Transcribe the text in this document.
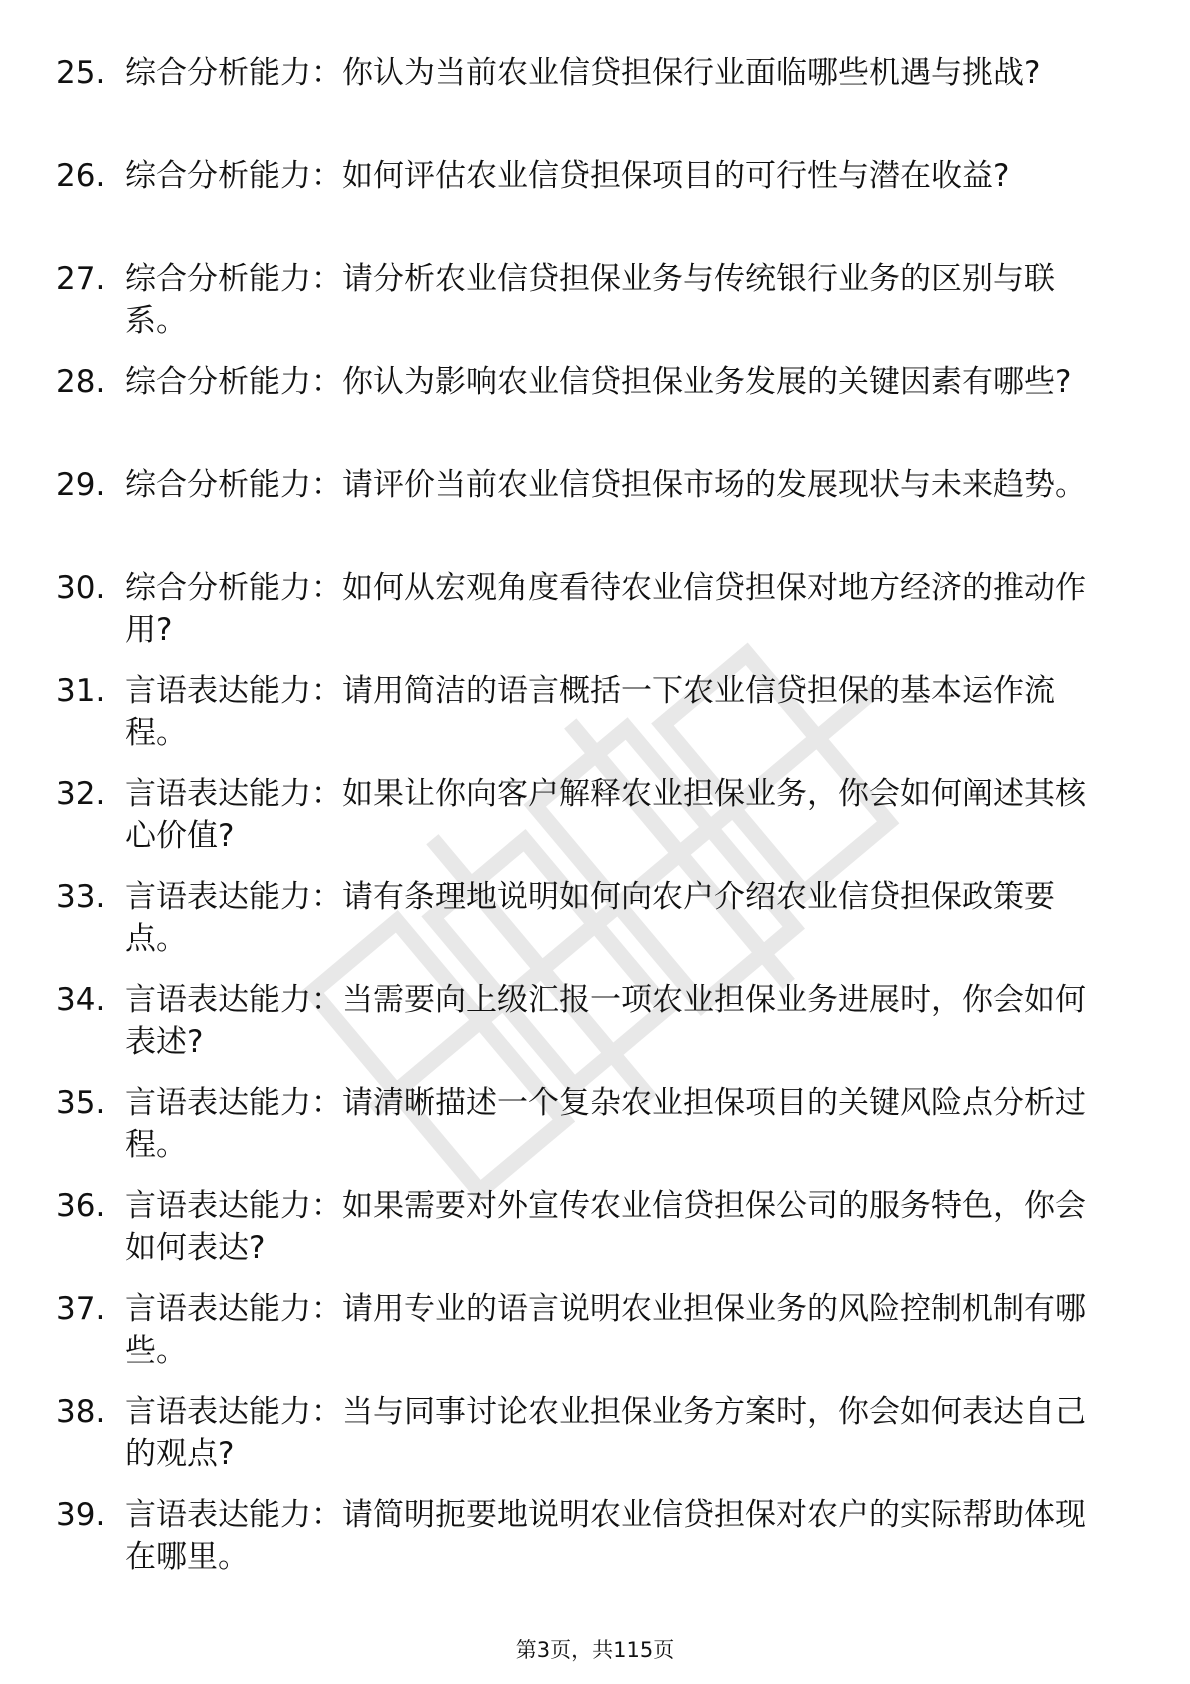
25. 综合分析能力：你认为当前农业信贷担保行业面临哪些机遇与挑战?
26. 综合分析能力：如何评估农业信贷担保项目的可行性与潜在收益?
27. 综合分析能力：请分析农业信贷担保业务与传统银行业务的区别与联系。
28. 综合分析能力：你认为影响农业信贷担保业务发展的关键因素有哪些?
29. 综合分析能力：请评价当前农业信贷担保市场的发展现状与未来趋势。
30. 综合分析能力：如何从宏观角度看待农业信贷担保对地方经济的推动作用?
31. 言语表达能力：请用简洁的语言概括一下农业信贷担保的基本运作流程。
32. 言语表达能力：如果让你向客户解释农业担保业务，你会如何阐述其核心价值?
33. 言语表达能力：请有条理地说明如何向农户介绍农业信贷担保政策要点。
34. 言语表达能力：当需要向上级汇报一项农业担保业务进展时，你会如何表述?
35. 言语表达能力：请清晰描述一个复杂农业担保项目的关键风险点分析过程。
36. 言语表达能力：如果需要对外宣传农业信贷担保公司的服务特色，你会如何表达?
37. 言语表达能力：请用专业的语言说明农业担保业务的风险控制机制有哪些。
38. 言语表达能力：当与同事讨论农业担保业务方案时，你会如何表达自己的观点?
39. 言语表达能力：请简明扼要地说明农业信贷担保对农户的实际帮助体现在哪里。
第3页，共115页
